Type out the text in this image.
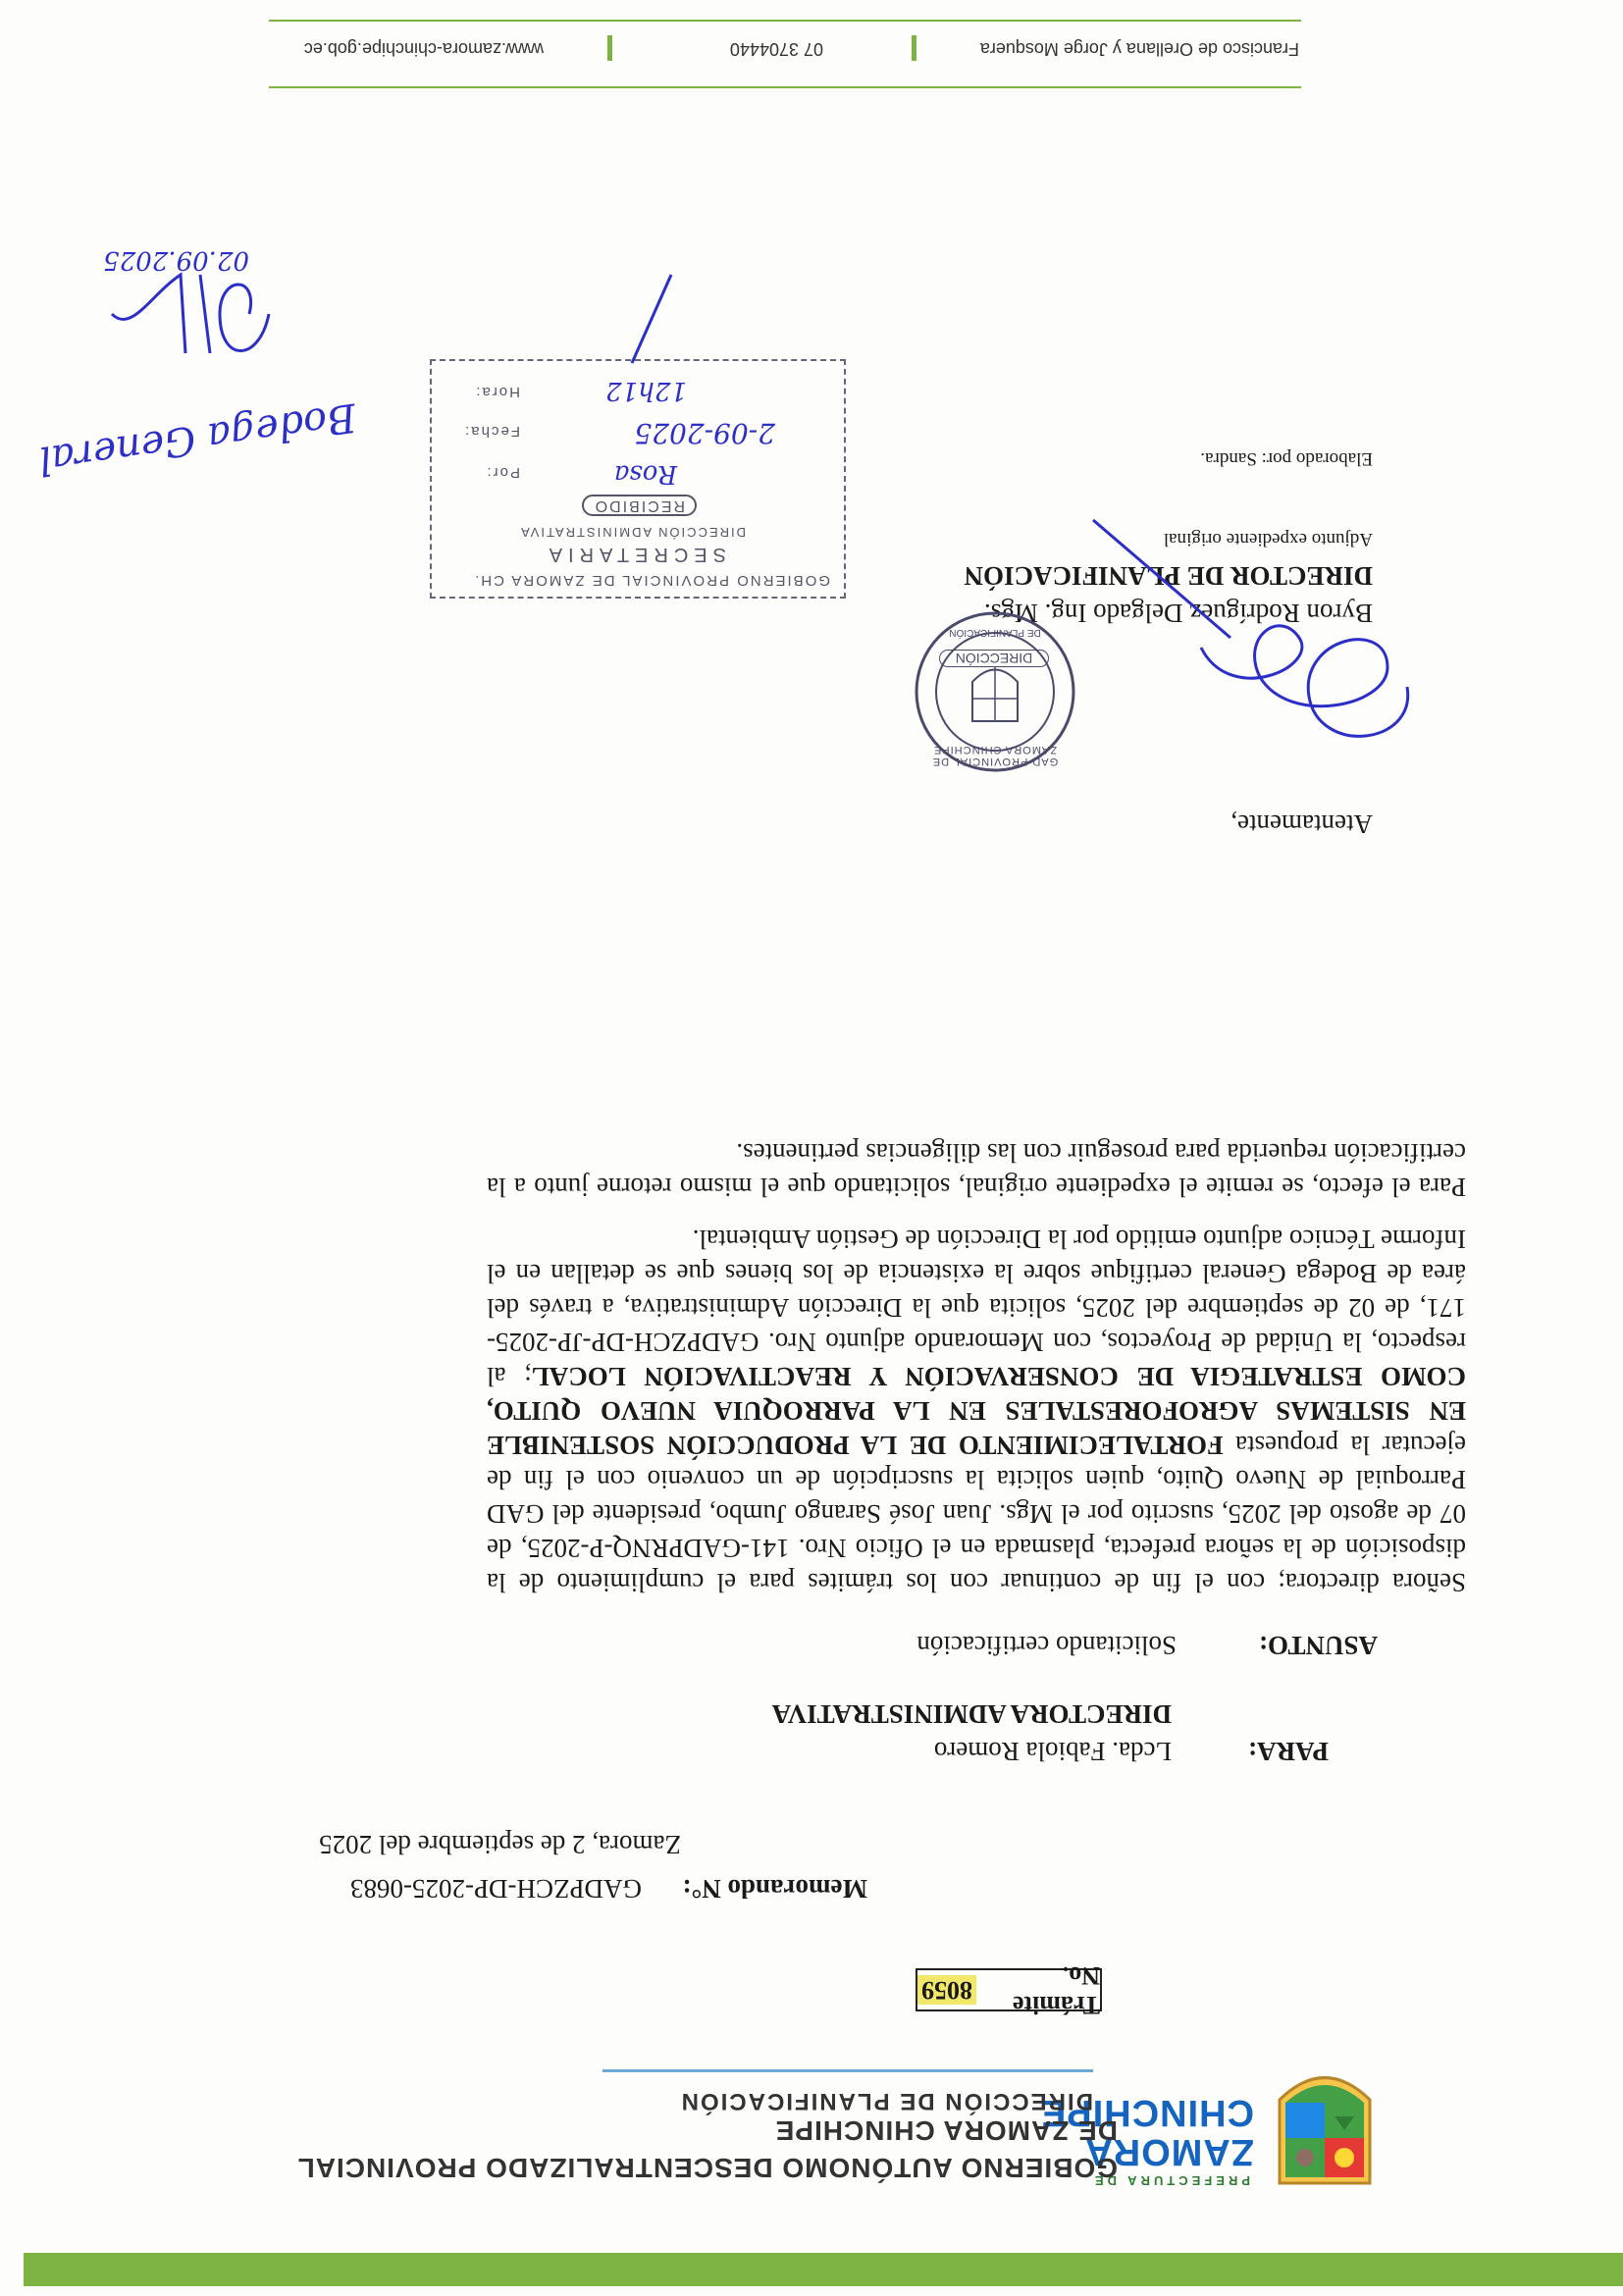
PREFECTURA DE
ZAMORA
CHINCHIPE
GOBIERNO AUTÓNOMO DESCENTRALIZADO PROVINCIAL
DE ZAMORA CHINCHIPE
DIRECCIÓN DE PLANIFICACIÓN
Trámite No.
8059
Memorando N°:
GADPZCH-DP-2025-0683
Zamora, 2 de septiembre del 2025
PARA:
Lcda. Fabiola Romero
DIRECTORA ADMINISTRATIVA
ASUNTO:
Solicitando certificación

Señora directora; con el fin de continuar con los trámites para el cumplimiento de la disposición de la señora prefecta, plasmada en el Oficio Nro. 141-GADPRNQ-P-2025, de 07 de agosto del 2025, suscrito por el Mgs. Juan José Sarango Jumbo, presidente del GAD Parroquial de Nuevo Quito, quien solicita la suscripción de un convenio con el fin de ejecutar la propuesta FORTALECIMIENTO DE LA PRODUCCIÓN SOSTENIBLE EN SISTEMAS AGROFORESTALES EN LA PARROQUIA NUEVO QUITO, COMO ESTRATEGIA DE CONSERVACIÓN Y REACTIVACIÓN LOCAL; al respecto, la Unidad de Proyectos, con Memorando adjunto Nro. GADPZCH-DP-JP-2025-171, de 02 de septiembre del 2025, solicita que la Dirección Administrativa, a través del área de Bodega General certifique sobre la existencia de los bienes que se detallan en el Informe Técnico adjunto emitido por la Dirección de Gestión Ambiental.

Para el efecto, se remite el expediente original, solicitando que el mismo retorne junto a la certificación requerida para proseguir con las diligencias pertinentes.

Atentamente,
Byron Rodríguez Delgado Ing. Mgs.
DIRECTOR DE PLANIFICACIÓN
Adjunto expediente original
Elaborado por: Sandra.
GAD PROVINCIAL DE ZAMORA CHINCHIPE
DIRECCIÓN
DE PLANIFICACIÓN
GOBIERNO PROVINCIAL DE ZAMORA CH.
SECRETARIA
DIRECCIÓN ADMINISTRATIVA
RECIBIDO
Por:
Fecha:
Hora:
Rosa
2-09-2025
12h12
Bodega General
02.09.2025
Francisco de Orellana y Jorge Mosquera
07 3704440
www.zamora-chinchipe.gob.ec
